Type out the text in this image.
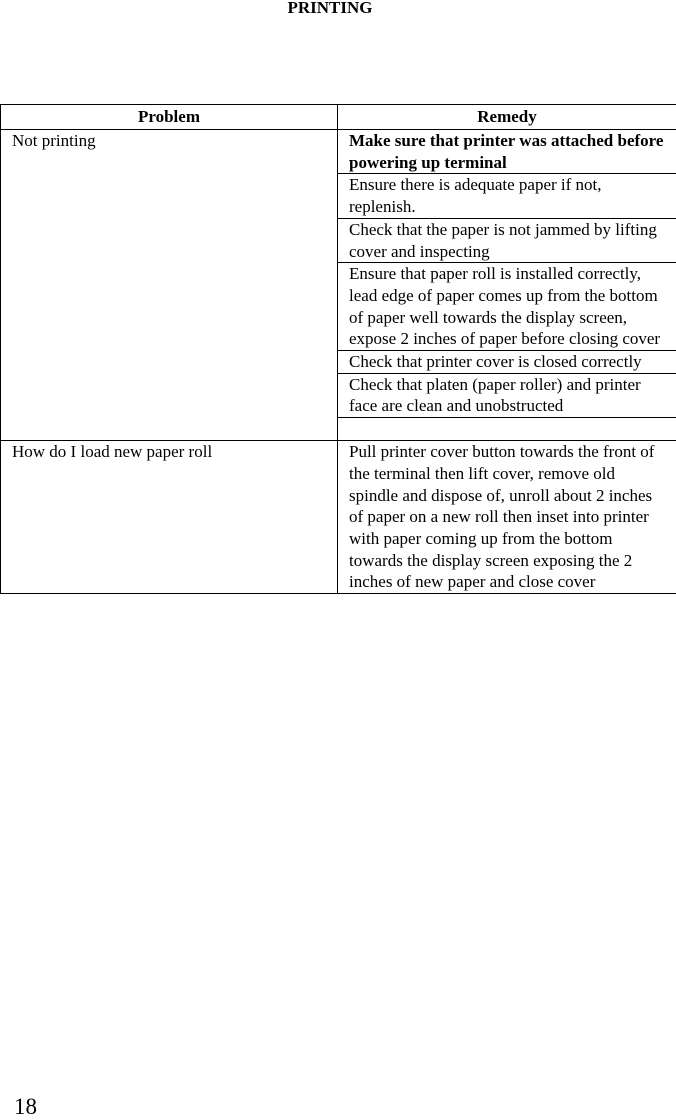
PRINTING
Problem	Remedy
Not printing	Make sure that printer was attached before powering up terminal
	Ensure there is adequate paper if not, replenish.
	Check that the paper is not jammed by lifting cover and inspecting
	Ensure that paper roll is installed correctly, lead edge of paper comes up from the bottom of paper well towards the display screen, expose 2 inches of paper before closing cover
	Check that printer cover is closed correctly
	Check that platen (paper roller) and printer face are clean and unobstructed

How do I load new paper roll	Pull printer cover button towards the front of the terminal then lift cover, remove old spindle and dispose of, unroll about 2 inches of paper on a new roll then inset into printer with paper coming up from the bottom towards the display screen exposing the 2 inches of new paper and close cover
18
